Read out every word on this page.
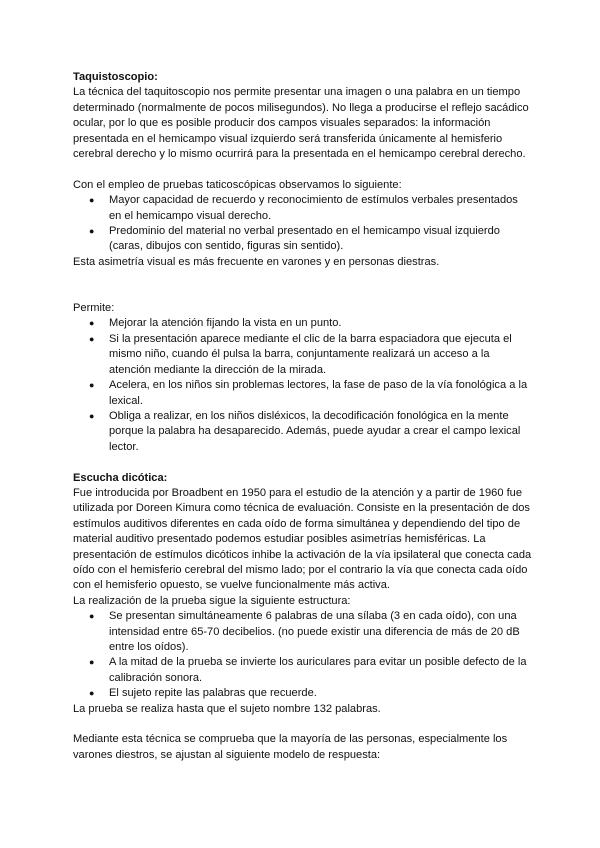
Taquistoscopio:

La técnica del taquitoscopio nos permite presentar una imagen o una palabra en un tiempo determinado (normalmente de pocos milisegundos). No llega a producirse el reflejo sacádico ocular, por lo que es posible producir dos campos visuales separados: la información presentada en el hemicampo visual izquierdo será transferida únicamente al hemisferio cerebral derecho y lo mismo ocurrirá para la presentada en el hemicampo cerebral derecho.

Con el empleo de pruebas taticoscópicas observamos lo siguiente:

● Mayor capacidad de recuerdo y reconocimiento de estímulos verbales presentados en el hemicampo visual derecho.
● Predominio del material no verbal presentado en el hemicampo visual izquierdo (caras, dibujos con sentido, figuras sin sentido).

Esta asimetría visual es más frecuente en varones y en personas diestras.

Permite:

● Mejorar la atención fijando la vista en un punto.
● Si la presentación aparece mediante el clic de la barra espaciadora que ejecuta el mismo niño, cuando él pulsa la barra, conjuntamente realizará un acceso a la atención mediante la dirección de la mirada.
● Acelera, en los niños sin problemas lectores, la fase de paso de la vía fonológica a la lexical.
● Obliga a realizar, en los niños disléxicos, la decodificación fonológica en la mente porque la palabra ha desaparecido. Además, puede ayudar a crear el campo lexical lector.

Escucha dicótica:

Fue introducida por Broadbent en 1950 para el estudio de la atención y a partir de 1960 fue utilizada por Doreen Kimura como técnica de evaluación. Consiste en la presentación de dos estímulos auditivos diferentes en cada oído de forma simultánea y dependiendo del tipo de material auditivo presentado podemos estudiar posibles asimetrías hemisféricas. La presentación de estímulos dicóticos inhibe la activación de la vía ipsilateral que conecta cada oído con el hemisferio cerebral del mismo lado; por el contrario la vía que conecta cada oído con el hemisferio opuesto, se vuelve funcionalmente más activa.

La realización de la prueba sigue la siguiente estructura:

● Se presentan simultáneamente 6 palabras de una sílaba (3 en cada oído), con una intensidad entre 65-70 decibelios. (no puede existir una diferencia de más de 20 dB entre los oídos).
● A la mitad de la prueba se invierte los auriculares para evitar un posible defecto de la calibración sonora.
● El sujeto repite las palabras que recuerde.

La prueba se realiza hasta que el sujeto nombre 132 palabras.

Mediante esta técnica se comprueba que la mayoría de las personas, especialmente los varones diestros, se ajustan al siguiente modelo de respuesta:
